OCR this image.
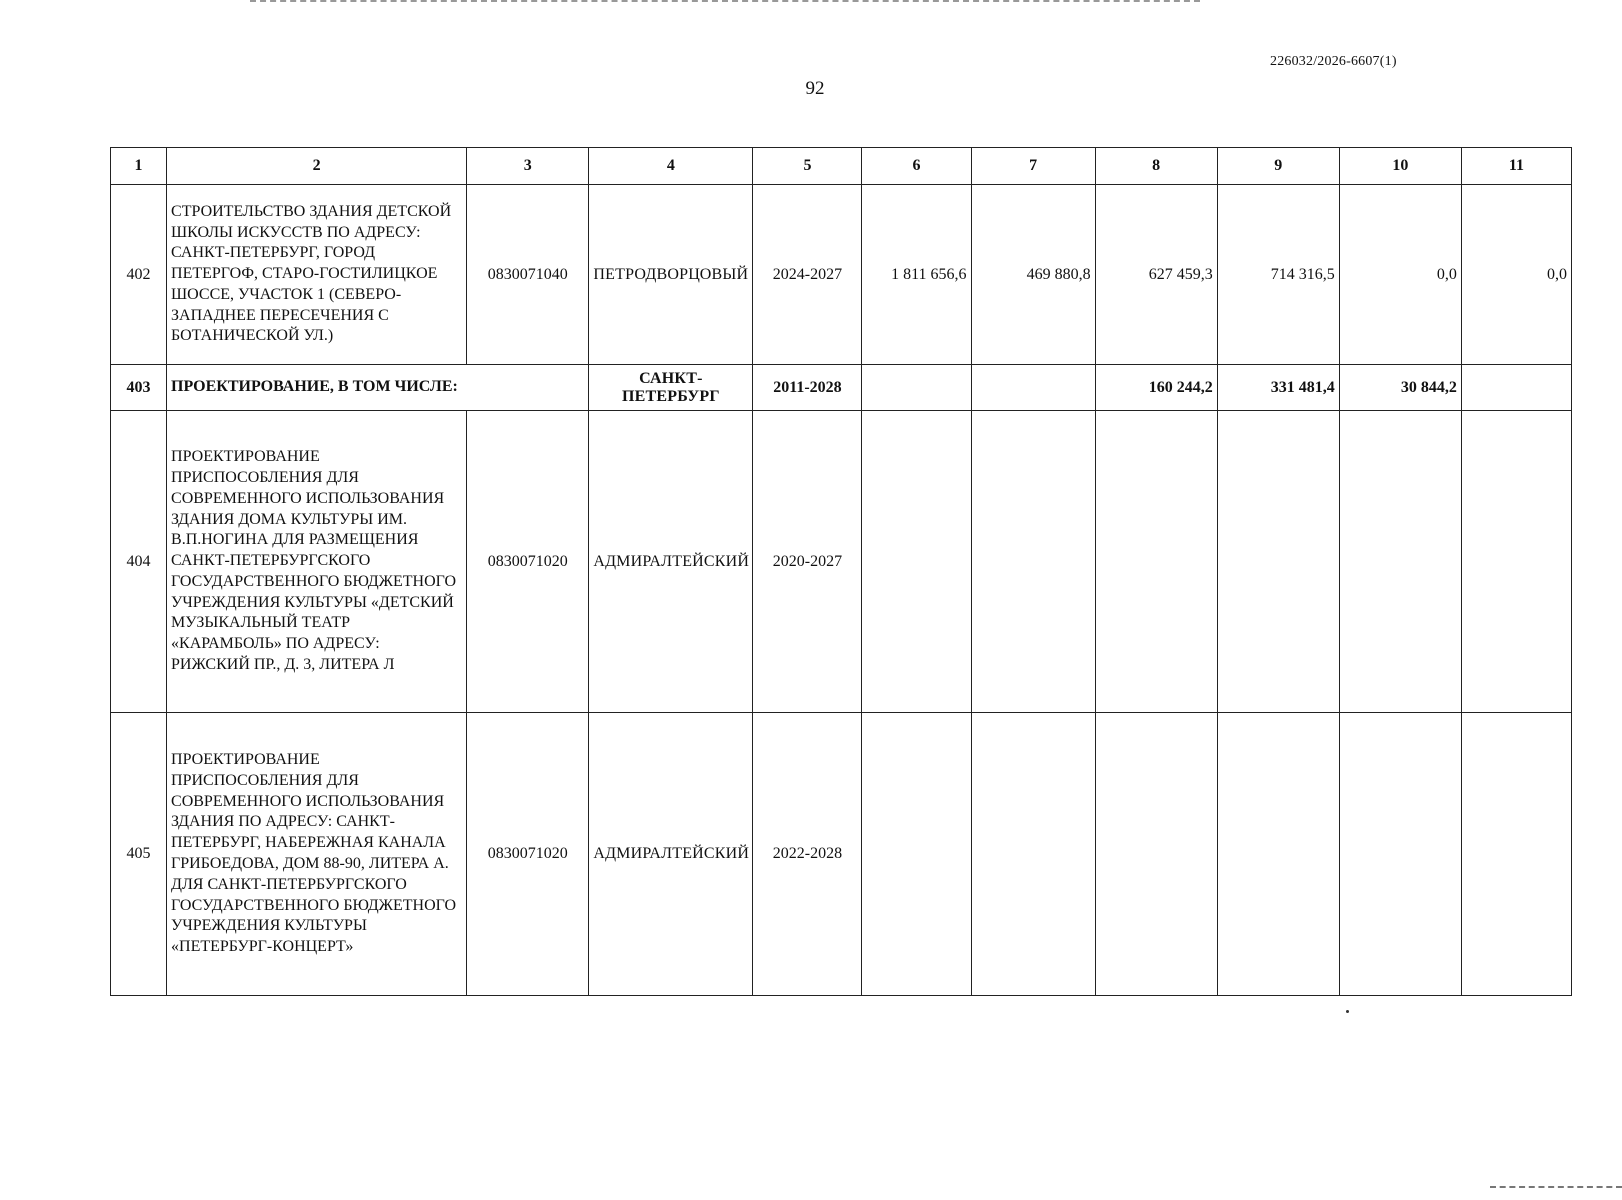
226032/2026-6607(1)
92
1	2	3	4	5	6	7	8	9	10	11
402	СТРОИТЕЛЬСТВО ЗДАНИЯ ДЕТСКОЙ ШКОЛЫ ИСКУССТВ ПО АДРЕСУ: САНКТ-ПЕТЕРБУРГ, ГОРОД ПЕТЕРГОФ, СТАРО-ГОСТИЛИЦКОЕ ШОССЕ, УЧАСТОК 1 (СЕВЕРО-ЗАПАДНЕЕ ПЕРЕСЕЧЕНИЯ С БОТАНИЧЕСКОЙ УЛ.)	0830071040	ПЕТРОДВОРЦОВЫЙ	2024-2027	1 811 656,6	469 880,8	627 459,3	714 316,5	0,0	0,0
403	ПРОЕКТИРОВАНИЕ, В ТОМ ЧИСЛЕ:		САНКТ-ПЕТЕРБУРГ	2011-2028			160 244,2	331 481,4	30 844,2	
404	ПРОЕКТИРОВАНИЕ ПРИСПОСОБЛЕНИЯ ДЛЯ СОВРЕМЕННОГО ИСПОЛЬЗОВАНИЯ ЗДАНИЯ ДОМА КУЛЬТУРЫ ИМ. В.П.НОГИНА ДЛЯ РАЗМЕЩЕНИЯ САНКТ-ПЕТЕРБУРГСКОГО ГОСУДАРСТВЕННОГО БЮДЖЕТНОГО УЧРЕЖДЕНИЯ КУЛЬТУРЫ «ДЕТСКИЙ МУЗЫКАЛЬНЫЙ ТЕАТР «КАРАМБОЛЬ» ПО АДРЕСУ: РИЖСКИЙ ПР., Д. 3, ЛИТЕРА Л	0830071020	АДМИРАЛТЕЙСКИЙ	2020-2027						
405	ПРОЕКТИРОВАНИЕ ПРИСПОСОБЛЕНИЯ ДЛЯ СОВРЕМЕННОГО ИСПОЛЬЗОВАНИЯ ЗДАНИЯ ПО АДРЕСУ: САНКТ-ПЕТЕРБУРГ, НАБЕРЕЖНАЯ КАНАЛА ГРИБОЕДОВА, ДОМ 88-90, ЛИТЕРА А. ДЛЯ САНКТ-ПЕТЕРБУРГСКОГО ГОСУДАРСТВЕННОГО БЮДЖЕТНОГО УЧРЕЖДЕНИЯ КУЛЬТУРЫ «ПЕТЕРБУРГ-КОНЦЕРТ»	0830071020	АДМИРАЛТЕЙСКИЙ	2022-2028						
